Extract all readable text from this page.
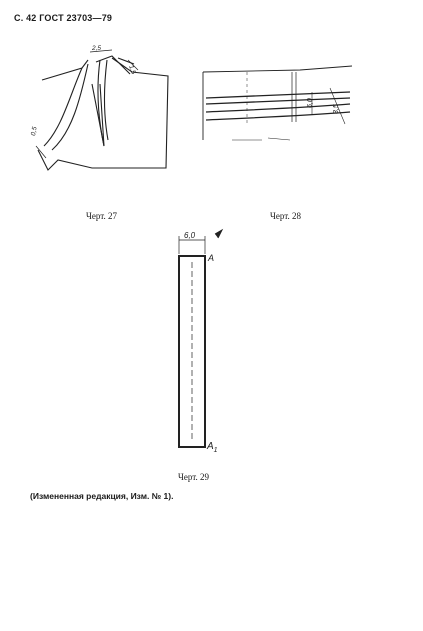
С. 42 ГОСТ 23703—79
2,5
1,5
0,5
6,0
3,5
6,0
А
$А_1$
Черт. 27	Черт. 28
Черт. 29
(Измененная редакция, Изм. № 1).
